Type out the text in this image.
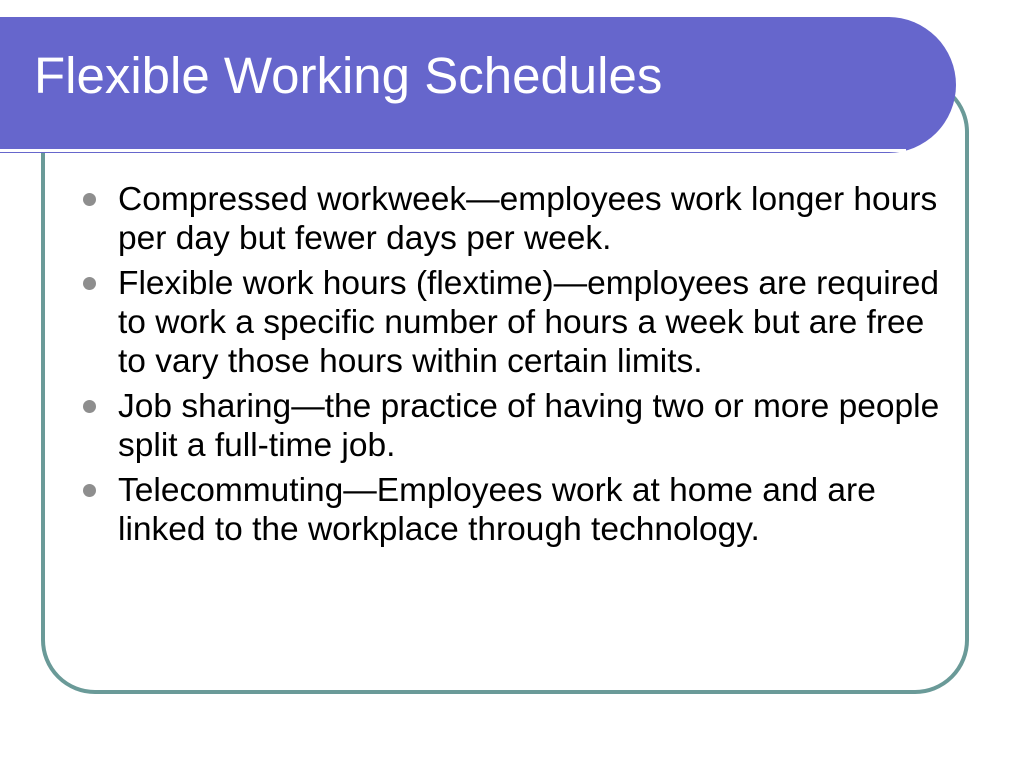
Flexible Working Schedules
Compressed workweek—employees work longer hours per day but fewer days per week.
Flexible work hours (flextime)—employees are required to work a specific number of hours a week but are free to vary those hours within certain limits.
Job sharing—the practice of having two or more people split a full-time job.
Telecommuting—Employees work at home and are linked to the workplace through technology.
